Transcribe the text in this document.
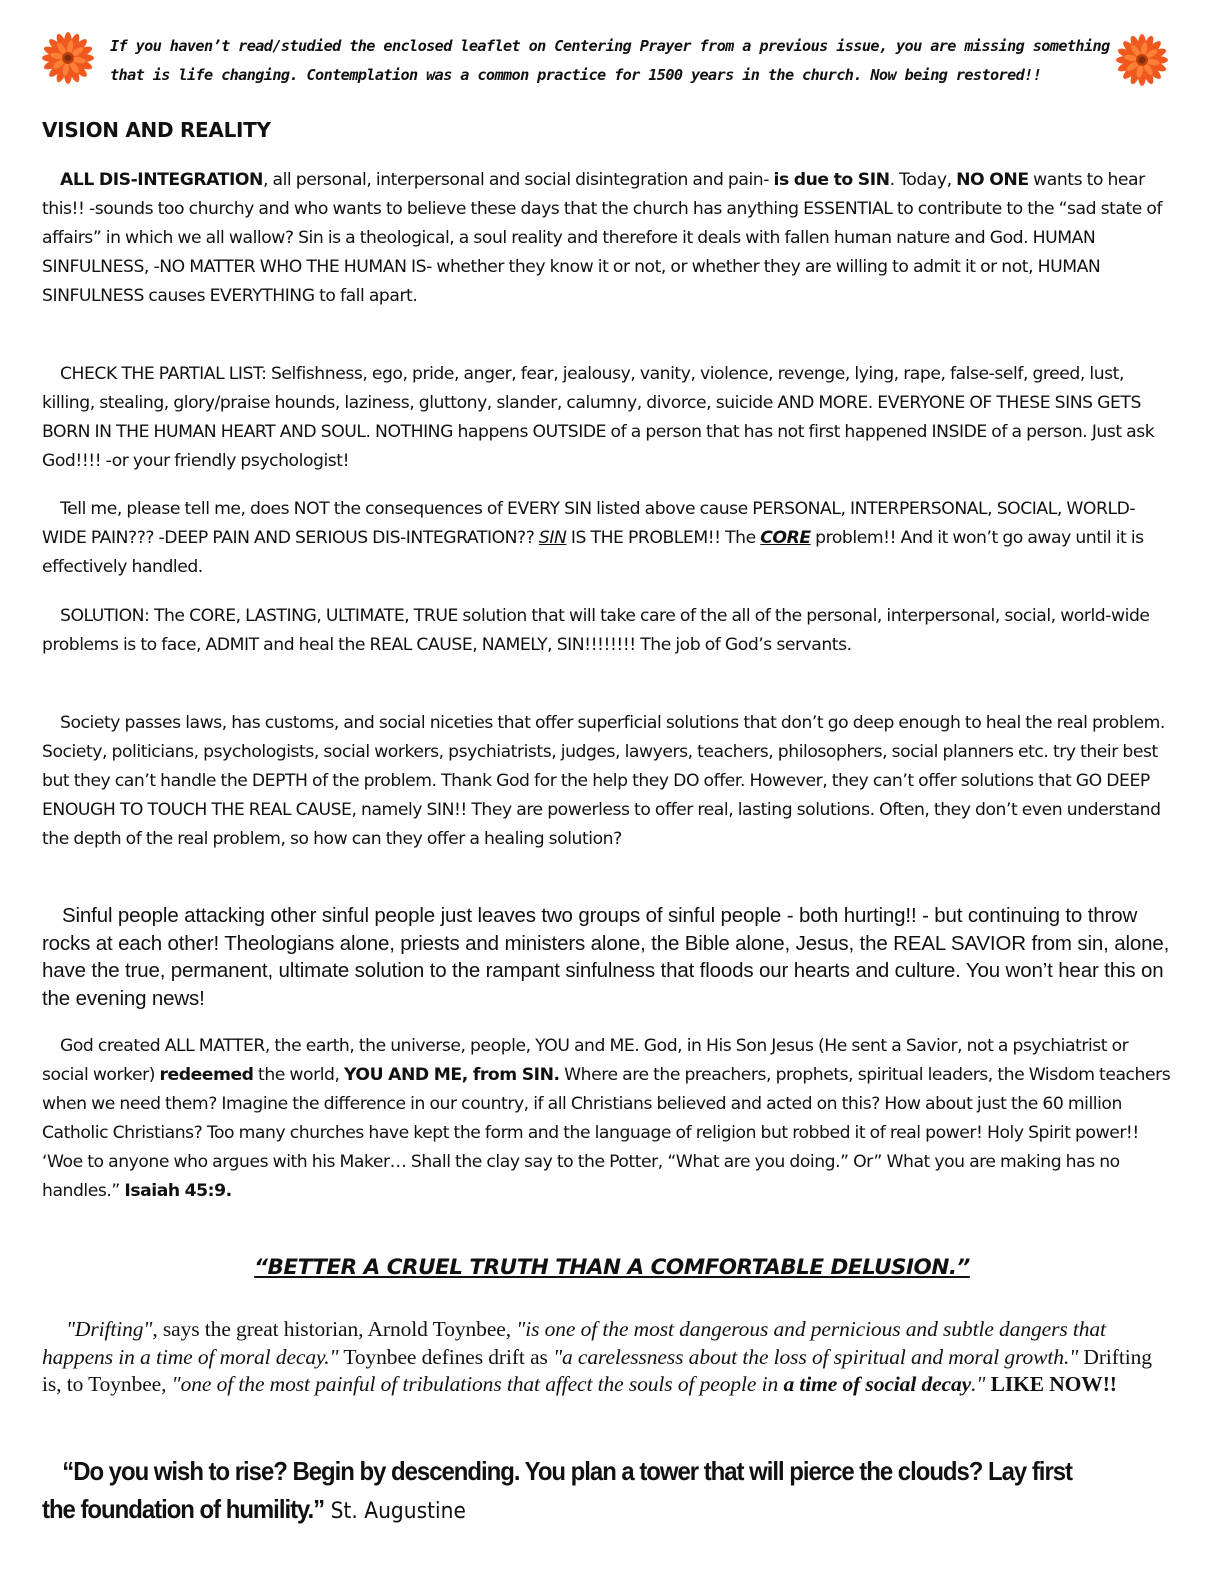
If you haven’t read/studied the enclosed leaflet on Centering Prayer from a previous issue, you are missing something
that is life changing. Contemplation was a common practice for 1500 years in the church. Now being restored!!
VISION AND REALITY
ALL DIS-INTEGRATION, all personal, interpersonal and social disintegration and pain- is due to SIN. Today, NO ONE wants to hear this!! -sounds too churchy and who wants to believe these days that the church has anything ESSENTIAL to contribute to the “sad state of affairs” in which we all wallow? Sin is a theological, a soul reality and therefore it deals with fallen human nature and God. HUMAN SINFULNESS, -NO MATTER WHO THE HUMAN IS- whether they know it or not, or whether they are willing to admit it or not, HUMAN SINFULNESS causes EVERYTHING to fall apart.
CHECK THE PARTIAL LIST: Selfishness, ego, pride, anger, fear, jealousy, vanity, violence, revenge, lying, rape, false-self, greed, lust, killing, stealing, glory/praise hounds, laziness, gluttony, slander, calumny, divorce, suicide AND MORE. EVERYONE OF THESE SINS GETS BORN IN THE HUMAN HEART AND SOUL. NOTHING happens OUTSIDE of a person that has not first happened INSIDE of a person. Just ask God!!!! -or your friendly psychologist!
Tell me, please tell me, does NOT the consequences of EVERY SIN listed above cause PERSONAL, INTERPERSONAL, SOCIAL, WORLD-WIDE PAIN??? -DEEP PAIN AND SERIOUS DIS-INTEGRATION?? SIN IS THE PROBLEM!! The CORE problem!! And it won’t go away until it is effectively handled.
SOLUTION: The CORE, LASTING, ULTIMATE, TRUE solution that will take care of the all of the personal, interpersonal, social, world-wide problems is to face, ADMIT and heal the REAL CAUSE, NAMELY, SIN!!!!!!!! The job of God’s servants.
Society passes laws, has customs, and social niceties that offer superficial solutions that don’t go deep enough to heal the real problem. Society, politicians, psychologists, social workers, psychiatrists, judges, lawyers, teachers, philosophers, social planners etc. try their best but they can’t handle the DEPTH of the problem. Thank God for the help they DO offer. However, they can’t offer solutions that GO DEEP ENOUGH TO TOUCH THE REAL CAUSE, namely SIN!! They are powerless to offer real, lasting solutions. Often, they don’t even understand the depth of the real problem, so how can they offer a healing solution?
Sinful people attacking other sinful people just leaves two groups of sinful people - both hurting!! - but continuing to throw rocks at each other! Theologians alone, priests and ministers alone, the Bible alone, Jesus, the REAL SAVIOR from sin, alone, have the true, permanent, ultimate solution to the rampant sinfulness that floods our hearts and culture. You won’t hear this on the evening news!
God created ALL MATTER, the earth, the universe, people, YOU and ME. God, in His Son Jesus (He sent a Savior, not a psychiatrist or social worker) redeemed the world, YOU AND ME, from SIN. Where are the preachers, prophets, spiritual leaders, the Wisdom teachers when we need them? Imagine the difference in our country, if all Christians believed and acted on this? How about just the 60 million Catholic Christians? Too many churches have kept the form and the language of religion but robbed it of real power! Holy Spirit power!! ‘Woe to anyone who argues with his Maker… Shall the clay say to the Potter, “What are you doing.” Or” What you are making has no handles.” Isaiah 45:9.
“BETTER A CRUEL TRUTH THAN A COMFORTABLE DELUSION.”
"Drifting", says the great historian, Arnold Toynbee, "is one of the most dangerous and pernicious and subtle dangers that happens in a time of moral decay." Toynbee defines drift as "a carelessness about the loss of spiritual and moral growth." Drifting is, to Toynbee, "one of the most painful of tribulations that affect the souls of people in a time of social decay." LIKE NOW!!
“Do you wish to rise? Begin by descending. You plan a tower that will pierce the clouds? Lay first the foundation of humility.” St. Augustine
